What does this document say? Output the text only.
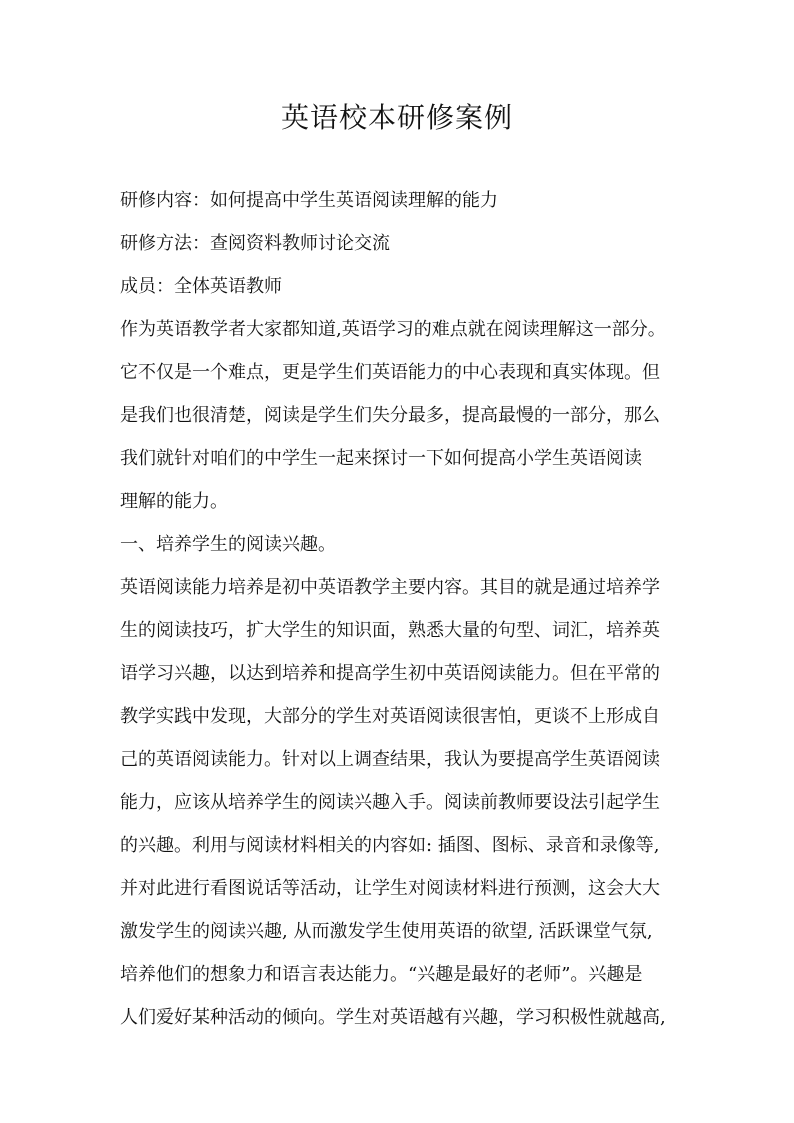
英语校本研修案例
研修内容：如何提高中学生英语阅读理解的能力
研修方法：查阅资料教师讨论交流
成员：全体英语教师
作为英语教学者大家都知道,英语学习的难点就在阅读理解这一部分。
它不仅是一个难点，更是学生们英语能力的中心表现和真实体现。但
是我们也很清楚，阅读是学生们失分最多，提高最慢的一部分，那么
我们就针对咱们的中学生一起来探讨一下如何提高小学生英语阅读
理解的能力。
一、培养学生的阅读兴趣。
英语阅读能力培养是初中英语教学主要内容。其目的就是通过培养学
生的阅读技巧，扩大学生的知识面，熟悉大量的句型、词汇，培养英
语学习兴趣，以达到培养和提高学生初中英语阅读能力。但在平常的
教学实践中发现，大部分的学生对英语阅读很害怕，更谈不上形成自
己的英语阅读能力。针对以上调查结果，我认为要提高学生英语阅读
能力，应该从培养学生的阅读兴趣入手。阅读前教师要设法引起学生
的兴趣。利用与阅读材料相关的内容如: 插图、图标、录音和录像等,
并对此进行看图说话等活动，让学生对阅读材料进行预测，这会大大
激发学生的阅读兴趣, 从而激发学生使用英语的欲望, 活跃课堂气氛,
培养他们的想象力和语言表达能力。“兴趣是最好的老师”。兴趣是
人们爱好某种活动的倾向。学生对英语越有兴趣，学习积极性就越高,
